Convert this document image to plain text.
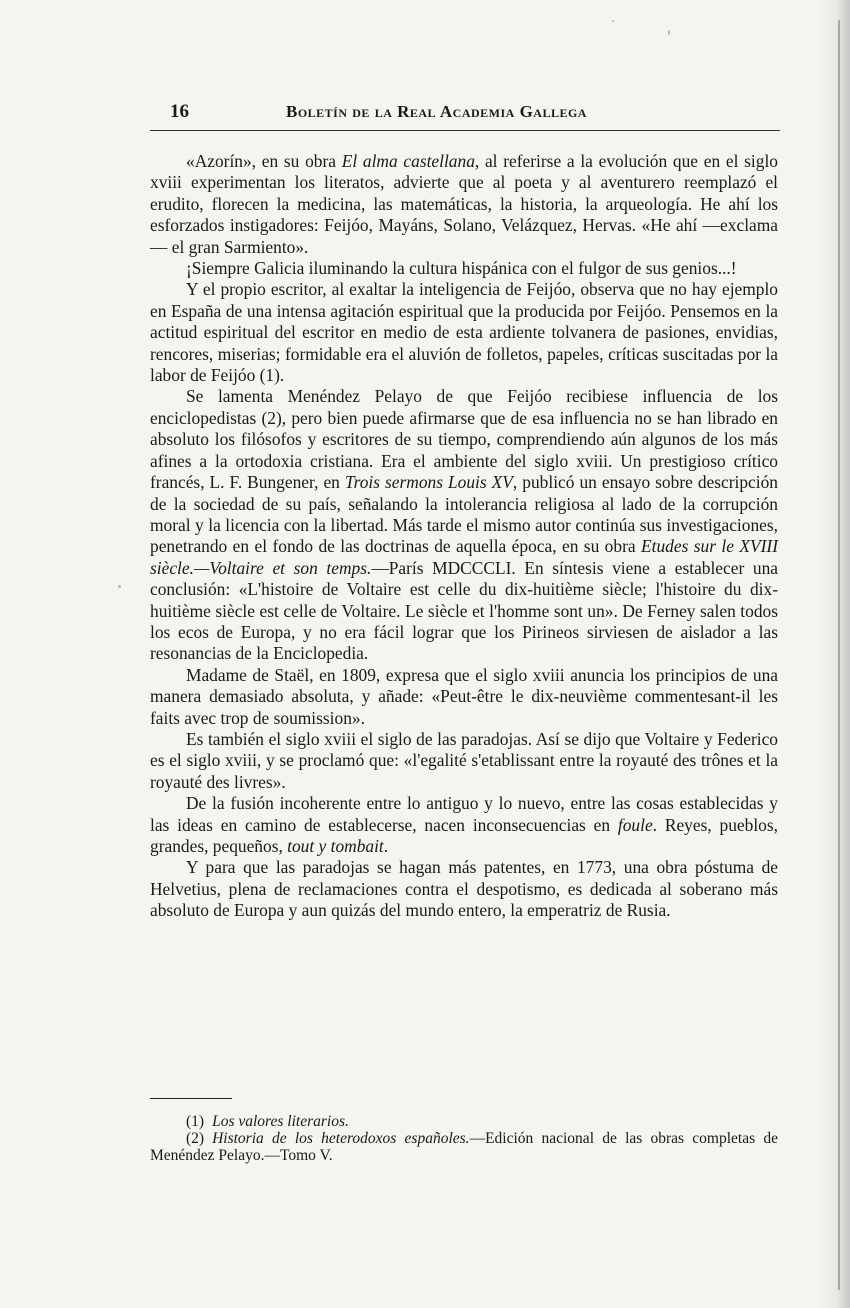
16	Boletín de la Real Academia Gallega

«Azorín», en su obra El alma castellana, al referirse a la evolución que en el siglo xviii experimentan los literatos, advierte que al poeta y al aventurero reemplazó el erudito, florecen la medicina, las matemáticas, la historia, la arqueología. He ahí los esforzados instigadores: Feijóo, Mayáns, Solano, Velázquez, Hervas. «He ahí —exclama— el gran Sarmiento».

¡Siempre Galicia iluminando la cultura hispánica con el fulgor de sus genios...!

Y el propio escritor, al exaltar la inteligencia de Feijóo, observa que no hay ejemplo en España de una intensa agitación espiritual que la producida por Feijóo. Pensemos en la actitud espiritual del escritor en medio de esta ardiente tolvanera de pasiones, envidias, rencores, miserias; formidable era el aluvión de folletos, papeles, críticas suscitadas por la labor de Feijóo (1).

Se lamenta Menéndez Pelayo de que Feijóo recibiese influencia de los enciclopedistas (2), pero bien puede afirmarse que de esa influencia no se han librado en absoluto los filósofos y escritores de su tiempo, comprendiendo aún algunos de los más afines a la ortodoxia cristiana. Era el ambiente del siglo xviii. Un prestigioso crítico francés, L. F. Bungener, en Trois sermons Louis XV, publicó un ensayo sobre descripción de la sociedad de su país, señalando la intolerancia religiosa al lado de la corrupción moral y la licencia con la libertad. Más tarde el mismo autor continúa sus investigaciones, penetrando en el fondo de las doctrinas de aquella época, en su obra Etudes sur le XVIII siècle.—Voltaire et son temps.—París MDCCCLI. En síntesis viene a establecer una conclusión: «L'histoire de Voltaire est celle du dix-huitième siècle; l'histoire du dix-huitième siècle est celle de Voltaire. Le siècle et l'homme sont un». De Ferney salen todos los ecos de Europa, y no era fácil lograr que los Pirineos sirviesen de aislador a las resonancias de la Enciclopedia.

Madame de Staël, en 1809, expresa que el siglo xviii anuncia los principios de una manera demasiado absoluta, y añade: «Peut-être le dix-neuvième commentesant-il les faits avec trop de soumission».

Es también el siglo xviii el siglo de las paradojas. Así se dijo que Voltaire y Federico es el siglo xviii, y se proclamó que: «l'egalité s'etablissant entre la royauté des trônes et la royauté des livres».

De la fusión incoherente entre lo antiguo y lo nuevo, entre las cosas establecidas y las ideas en camino de establecerse, nacen inconsecuencias en foule. Reyes, pueblos, grandes, pequeños, tout y tombait.

Y para que las paradojas se hagan más patentes, en 1773, una obra póstuma de Helvetius, plena de reclamaciones contra el despotismo, es dedicada al soberano más absoluto de Europa y aun quizás del mundo entero, la emperatriz de Rusia.

(1) Los valores literarios.

(2) Historia de los heterodoxos españoles.—Edición nacional de las obras completas de Menéndez Pelayo.—Tomo V.
